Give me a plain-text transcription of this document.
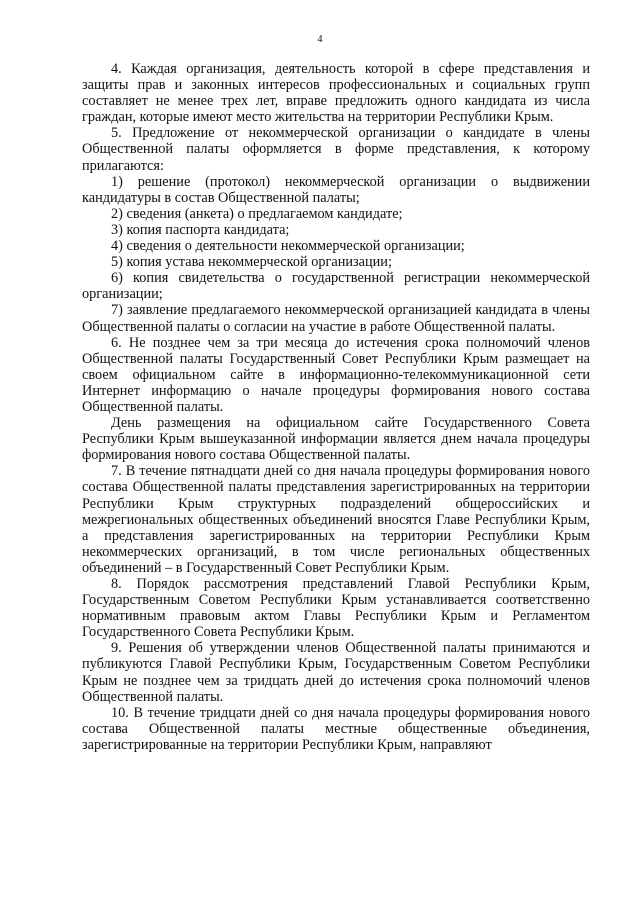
4

4. Каждая организация, деятельность которой в сфере представления и защиты прав и законных интересов профессиональных и социальных групп составляет не менее трех лет, вправе предложить одного кандидата из числа граждан, которые имеют место жительства на территории Республики Крым.

5. Предложение от некоммерческой организации о кандидате в члены Общественной палаты оформляется в форме представления, к которому прилагаются:

1) решение (протокол) некоммерческой организации о выдвижении кандидатуры в состав Общественной палаты;

2) сведения (анкета) о предлагаемом кандидате;

3) копия паспорта кандидата;

4) сведения о деятельности некоммерческой организации;

5) копия устава некоммерческой организации;

6) копия свидетельства о государственной регистрации некоммерческой организации;

7) заявление предлагаемого некоммерческой организацией кандидата в члены Общественной палаты о согласии на участие в работе Общественной палаты.

6. Не позднее чем за три месяца до истечения срока полномочий членов Общественной палаты Государственный Совет Республики Крым размещает на своем официальном сайте в информационно-телекоммуникационной сети Интернет информацию о начале процедуры формирования нового состава Общественной палаты.

День размещения на официальном сайте Государственного Совета Республики Крым вышеуказанной информации является днем начала процедуры формирования нового состава Общественной палаты.

7. В течение пятнадцати дней со дня начала процедуры формирования нового состава Общественной палаты представления зарегистрированных на территории Республики Крым структурных подразделений общероссийских и межрегиональных общественных объединений вносятся Главе Республики Крым, а представления зарегистрированных на территории Республики Крым некоммерческих организаций, в том числе региональных общественных объединений – в Государственный Совет Республики Крым.

8. Порядок рассмотрения представлений Главой Республики Крым, Государственным Советом Республики Крым устанавливается соответственно нормативным правовым актом Главы Республики Крым и Регламентом Государственного Совета Республики Крым.

9. Решения об утверждении членов Общественной палаты принимаются и публикуются Главой Республики Крым, Государственным Советом Республики Крым не позднее чем за тридцать дней до истечения срока полномочий членов Общественной палаты.

10. В течение тридцати дней со дня начала процедуры формирования нового состава Общественной палаты местные общественные объединения, зарегистрированные на территории Республики Крым, направляют
